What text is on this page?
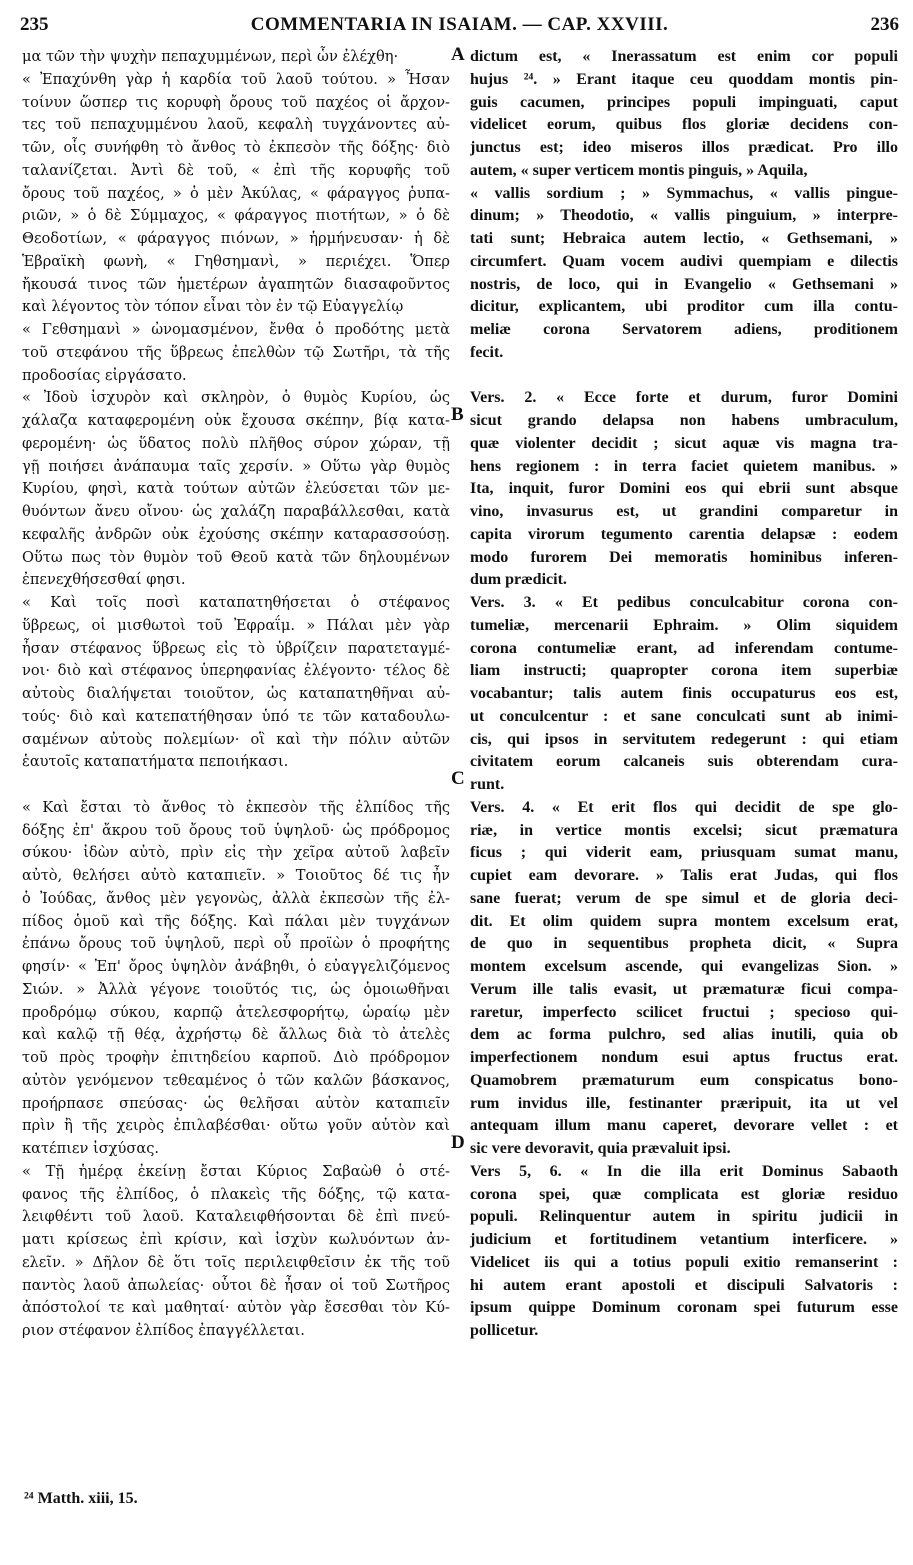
235	COMMENTARIA IN ISAIAM. — CAP. XXVIII.	236
μα τῶν τὴν ψυχὴν πεπαχυμμένων, περὶ ὧν ἐλέχθη·
« Ἐπαχύνθη γὰρ ἡ καρδία τοῦ λαοῦ τούτου. » Ἦσαν
τοίνυν ὥσπερ τις κορυφὴ ὄρους τοῦ παχέος οἱ ἄρχον-
τες τοῦ πεπαχυμμένου λαοῦ, κεφαλὴ τυγχάνοντες αὐ-
τῶν, οἷς συνήφθη τὸ ἄνθος τὸ ἐκπεσὸν τῆς δόξης· διὸ
ταλανίζεται. Ἀντὶ δὲ τοῦ, « ἐπὶ τῆς κορυφῆς τοῦ
ὄρους τοῦ παχέος, » ὁ μὲν Ἀκύλας, « φάραγγος ῥυπα-
ριῶν, » ὁ δὲ Σύμμαχος, « φάραγγος πιοτήτων, » ὁ δὲ
Θεοδοτίων, « φάραγγος πιόνων, » ἡρμήνευσαν· ἡ δὲ
Ἑβραϊκὴ φωνὴ, « Γηθσημανὶ, » περιέχει. Ὅπερ
ἤκουσά τινος τῶν ἡμετέρων ἀγαπητῶν διασαφοῦντος
καὶ λέγοντος τὸν τόπον εἶναι τὸν ἐν τῷ Εὐαγγελίῳ
« Γεθσημανὶ » ὠνομασμένον, ἔνθα ὁ προδότης μετὰ
τοῦ στεφάνου τῆς ὕβρεως ἐπελθὼν τῷ Σωτῆρι, τὰ τῆς
προδοσίας εἰργάσατο.
« Ἰδοὺ ἰσχυρὸν καὶ σκληρὸν, ὁ θυμὸς Κυρίου, ὡς
χάλαζα καταφερομένη οὐκ ἔχουσα σκέπην, βίᾳ κατα-
φερομένη· ὡς ὕδατος πολὺ πλῆθος σύρον χώραν, τῇ
γῇ ποιήσει ἀνάπαυμα ταῖς χερσίν. » Οὕτω γὰρ θυμὸς
Κυρίου, φησὶ, κατὰ τούτων αὐτῶν ἐλεύσεται τῶν με-
θυόντων ἄνευ οἴνου· ὡς χαλάζη παραβάλλεσθαι, κατὰ
κεφαλῆς ἀνδρῶν οὐκ ἐχούσης σκέπην καταρασσούσῃ.
Οὕτω πως τὸν θυμὸν τοῦ Θεοῦ κατὰ τῶν δηλουμένων
ἐπενεχθήσεσθαί φησι.
« Καὶ τοῖς ποσὶ καταπατηθήσεται ὁ στέφανος
ὕβρεως, οἱ μισθωτοὶ τοῦ Ἐφραΐμ. » Πάλαι μὲν γὰρ
ἦσαν στέφανος ὕβρεως εἰς τὸ ὑβρίζειν παρατεταγμέ-
νοι· διὸ καὶ στέφανος ὑπερηφανίας ἐλέγοντο· τέλος δὲ
αὐτοὺς διαλήψεται τοιοῦτον, ὡς καταπατηθῆναι αὐ-
τούς· διὸ καὶ κατεπατήθησαν ὑπό τε τῶν καταδουλω-
σαμένων αὐτοὺς πολεμίων· οἳ καὶ τὴν πόλιν αὐτῶν
ἑαυτοῖς καταπατήματα πεποιήκασι.
« Καὶ ἔσται τὸ ἄνθος τὸ ἐκπεσὸν τῆς ἐλπίδος τῆς
δόξης ἐπ' ἄκρου τοῦ ὄρους τοῦ ὑψηλοῦ· ὡς πρόδρομος
σύκου· ἰδὼν αὐτὸ, πρὶν εἰς τὴν χεῖρα αὐτοῦ λαβεῖν
αὐτὸ, θελήσει αὐτὸ καταπιεῖν. » Τοιοῦτος δέ τις ἦν
ὁ Ἰούδας, ἄνθος μὲν γεγονὼς, ἀλλὰ ἐκπεσὼν τῆς ἐλ-
πίδος ὁμοῦ καὶ τῆς δόξης. Καὶ πάλαι μὲν τυγχάνων
ἐπάνω ὄρους τοῦ ὑψηλοῦ, περὶ οὗ προϊὼν ὁ προφήτης
φησίν· « Ἐπ' ὄρος ὑψηλὸν ἀνάβηθι, ὁ εὐαγγελιζόμενος
Σιών. » Ἀλλὰ γέγονε τοιοῦτός τις, ὡς ὁμοιωθῆναι
προδρόμῳ σύκου, καρπῷ ἀτελεσφορήτῳ, ὡραίῳ μὲν
καὶ καλῷ τῇ θέᾳ, ἀχρήστῳ δὲ ἄλλως διὰ τὸ ἀτελὲς
τοῦ πρὸς τροφὴν ἐπιτηδείου καρποῦ. Διὸ πρόδρομον
αὐτὸν γενόμενον τεθεαμένος ὁ τῶν καλῶν βάσκανος,
προήρπασε σπεύσας· ὡς θελῆσαι αὐτὸν καταπιεῖν
πρὶν ἢ τῆς χειρὸς ἐπιλαβέσθαι· οὕτω γοῦν αὐτὸν καὶ
κατέπιεν ἰσχύσας.
« Τῇ ἡμέρᾳ ἐκείνῃ ἔσται Κύριος Σαβαὼθ ὁ στέ-
φανος τῆς ἐλπίδος, ὁ πλακεὶς τῆς δόξης, τῷ κατα-
λειφθέντι τοῦ λαοῦ. Καταλειφθήσονται δὲ ἐπὶ πνεύ-
ματι κρίσεως ἐπὶ κρίσιν, καὶ ἰσχὺν κωλυόντων ἀν-
ελεῖν. » Δῆλον δὲ ὅτι τοῖς περιλειφθεῖσιν ἐκ τῆς τοῦ
παντὸς λαοῦ ἀπωλείας· οὗτοι δὲ ἦσαν οἱ τοῦ Σωτῆρος
ἀπόστολοί τε καὶ μαθηταί· αὐτὸν γὰρ ἔσεσθαι τὸν Κύ-
ριον στέφανον ἐλπίδος ἐπαγγέλλεται.
dictum est, « Inerassatum est enim cor populi
hujus ²⁴. » Erant itaque ceu quoddam montis pin-
guis cacumen, principes populi impinguati, caput
videlicet eorum, quibus flos gloriæ decidens con-
junctus est; ideo miseros illos prædicat. Pro illo
autem, « super verticem montis pinguis, » Aquila,
« vallis sordium ; » Symmachus, « vallis pingue-
dinum; » Theodotio, « vallis pinguium, » interpre-
tati sunt; Hebraica autem lectio, « Gethsemani, »
circumfert. Quam vocem audivi quempiam e dilectis
nostris, de loco, qui in Evangelio « Gethsemani »
dicitur, explicantem, ubi proditor cum illa contu-
meliæ corona Servatorem adiens, proditionem
fecit.
Vers. 2. « Ecce forte et durum, furor Domini
sicut grando delapsa non habens umbraculum,
quæ violenter decidit ; sicut aquæ vis magna tra-
hens regionem : in terra faciet quietem manibus. »
Ita, inquit, furor Domini eos qui ebrii sunt absque
vino, invasurus est, ut grandini comparetur in
capita virorum tegumento carentia delapsæ : eodem
modo furorem Dei memoratis hominibus inferen-
dum prædicit.
Vers. 3. « Et pedibus conculcabitur corona con-
tumeliæ, mercenarii Ephraim. » Olim siquidem
corona contumeliæ erant, ad inferendam contume-
liam instructi; quapropter corona item superbiæ
vocabantur; talis autem finis occupaturus eos est,
ut conculcentur : et sane conculcati sunt ab inimi-
cis, qui ipsos in servitutem redegerunt : qui etiam
civitatem eorum calcaneis suis obterendam cura-
runt.
Vers. 4. « Et erit flos qui decidit de spe glo-
riæ, in vertice montis excelsi; sicut præmatura
ficus ; qui viderit eam, priusquam sumat manu,
cupiet eam devorare. » Talis erat Judas, qui flos
sane fuerat; verum de spe simul et de gloria deci-
dit. Et olim quidem supra montem excelsum erat,
de quo in sequentibus propheta dicit, « Supra
montem excelsum ascende, qui evangelizas Sion. »
Verum ille talis evasit, ut præmaturæ ficui compa-
raretur, imperfecto scilicet fructui ; specioso qui-
dem ac forma pulchro, sed alias inutili, quia ob
imperfectionem nondum esui aptus fructus erat.
Quamobrem præmaturum eum conspicatus bono-
rum invidus ille, festinanter præripuit, ita ut vel
antequam illum manu caperet, devorare vellet : et
sic vere devoravit, quia prævaluit ipsi.
Vers 5, 6. « In die illa erit Dominus Sabaoth
corona spei, quæ complicata est gloriæ residuo
populi. Relinquentur autem in spiritu judicii in
judicium et fortitudinem vetantium interficere. »
Videlicet iis qui a totius populi exitio remanserint :
hi autem erant apostoli et discipuli Salvatoris :
ipsum quippe Dominum coronam spei futurum esse
pollicetur.
A
B
C
D
²⁴ Matth. xiii, 15.
